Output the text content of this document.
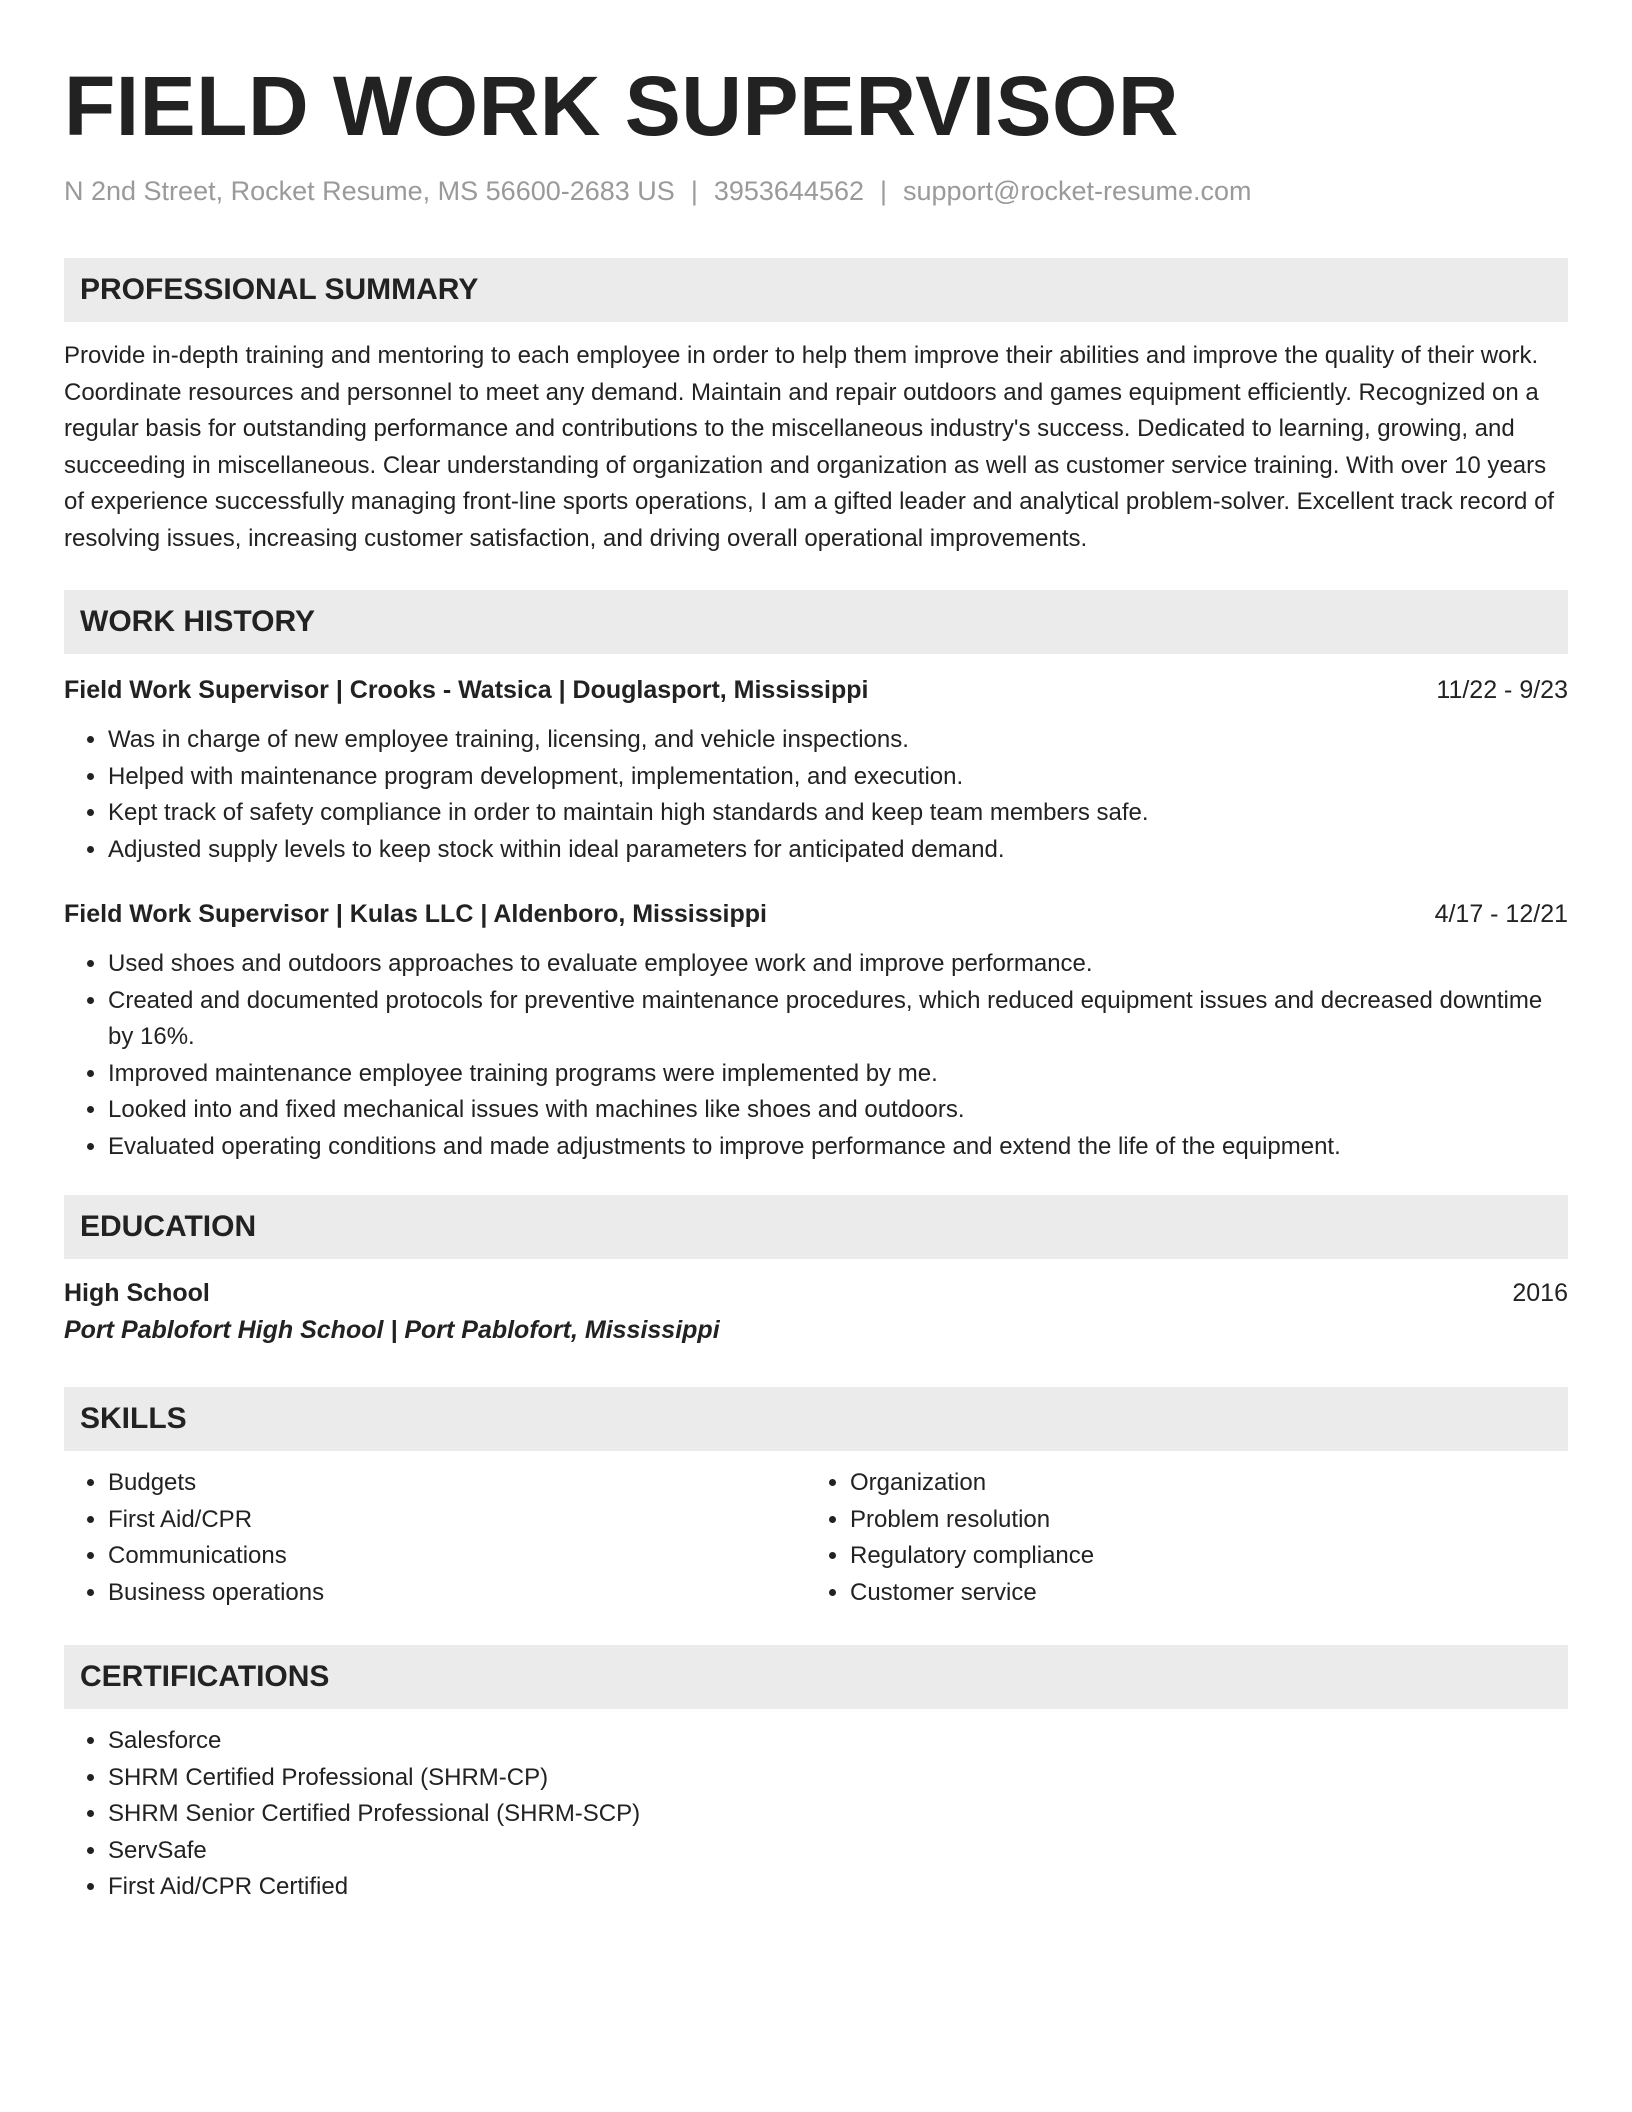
FIELD WORK SUPERVISOR
N 2nd Street, Rocket Resume, MS 56600-2683 US | 3953644562 | support@rocket-resume.com
PROFESSIONAL SUMMARY

Provide in-depth training and mentoring to each employee in order to help them improve their abilities and improve the quality of their work. Coordinate resources and personnel to meet any demand. Maintain and repair outdoors and games equipment efficiently. Recognized on a regular basis for outstanding performance and contributions to the miscellaneous industry's success. Dedicated to learning, growing, and succeeding in miscellaneous. Clear understanding of organization and organization as well as customer service training. With over 10 years of experience successfully managing front-line sports operations, I am a gifted leader and analytical problem-solver. Excellent track record of resolving issues, increasing customer satisfaction, and driving overall operational improvements.

WORK HISTORY
Field Work Supervisor | Crooks - Watsica | Douglasport, Mississippi	11/22 - 9/23
• Was in charge of new employee training, licensing, and vehicle inspections.
• Helped with maintenance program development, implementation, and execution.
• Kept track of safety compliance in order to maintain high standards and keep team members safe.
• Adjusted supply levels to keep stock within ideal parameters for anticipated demand.
Field Work Supervisor | Kulas LLC | Aldenboro, Mississippi	4/17 - 12/21
• Used shoes and outdoors approaches to evaluate employee work and improve performance.
• Created and documented protocols for preventive maintenance procedures, which reduced equipment issues and decreased downtime by 16%.
• Improved maintenance employee training programs were implemented by me.
• Looked into and fixed mechanical issues with machines like shoes and outdoors.
• Evaluated operating conditions and made adjustments to improve performance and extend the life of the equipment.
EDUCATION
High School	2016
Port Pablofort High School | Port Pablofort, Mississippi
SKILLS
• Budgets
• First Aid/CPR
• Communications
• Business operations
• Organization
• Problem resolution
• Regulatory compliance
• Customer service
CERTIFICATIONS
• Salesforce
• SHRM Certified Professional (SHRM-CP)
• SHRM Senior Certified Professional (SHRM-SCP)
• ServSafe
• First Aid/CPR Certified
